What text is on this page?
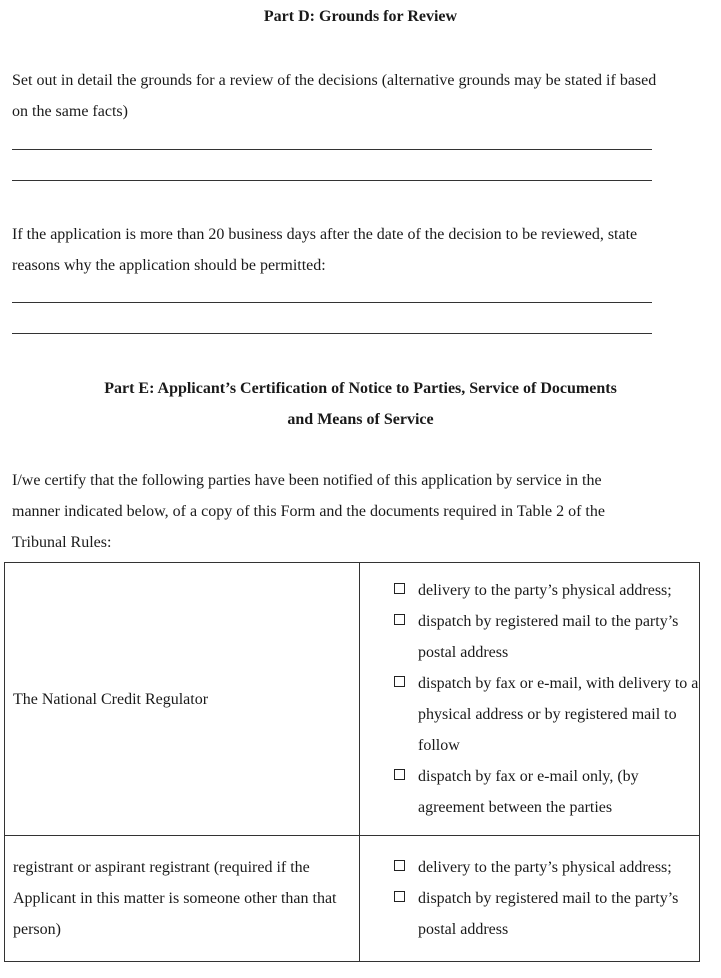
Part D: Grounds for Review
Set out in detail the grounds for a review of the decisions (alternative grounds may be stated if based on the same facts)
If the application is more than 20 business days after the date of the decision to be reviewed, state reasons why the application should be permitted:
Part E: Applicant’s Certification of Notice to Parties, Service of Documents
and Means of Service
I/we certify that the following parties have been notified of this application by service in the manner indicated below, of a copy of this Form and the documents required in Table 2 of the Tribunal Rules:
The National Credit Regulator	delivery to the party’s physical address;
dispatch by registered mail to the party’s postal address
dispatch by fax or e-mail, with delivery to a physical address or by registered mail to follow
dispatch by fax or e-mail only, (by agreement between the parties

registrant or aspirant registrant (required if the Applicant in this matter is someone other than that person)	delivery to the party’s physical address;
dispatch by registered mail to the party’s postal address
